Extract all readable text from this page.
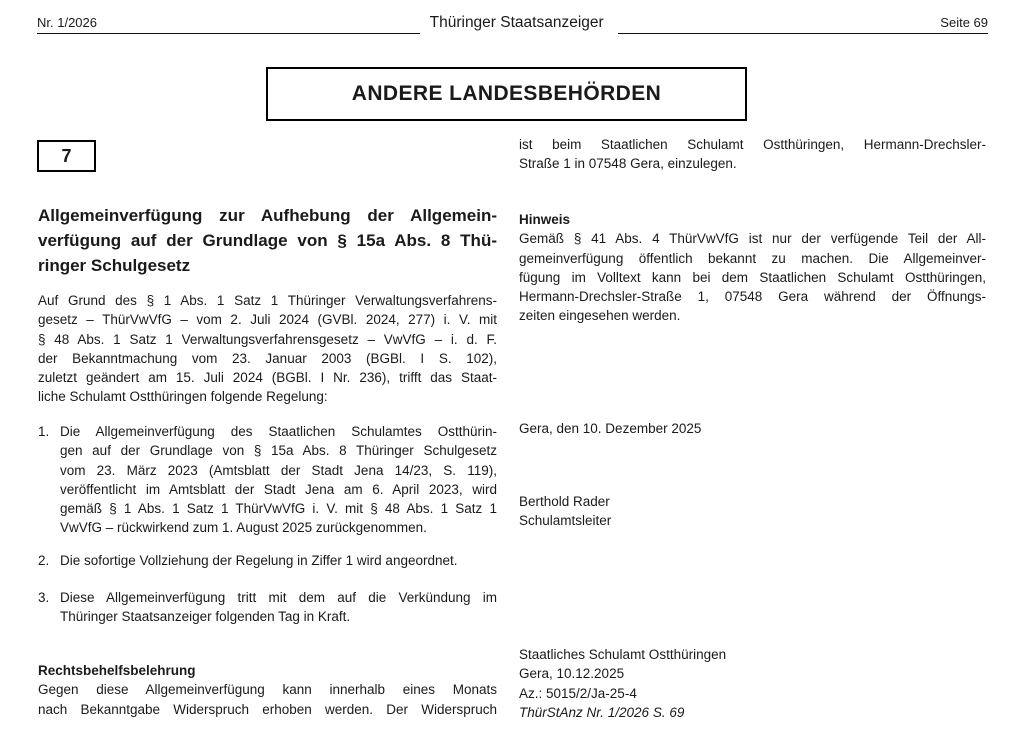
Nr. 1/2026	Thüringer Staatsanzeiger	Seite 69
ANDERE LANDESBEHÖRDEN
7
Allgemeinverfügung zur Aufhebung der Allgemein-
verfügung auf der Grundlage von § 15a Abs. 8 Thü-
ringer Schulgesetz
Auf Grund des § 1 Abs. 1 Satz 1 Thüringer Verwaltungsverfahrens-
gesetz – ThürVwVfG – vom 2. Juli 2024 (GVBl. 2024, 277) i. V. mit
§ 48 Abs. 1 Satz 1 Verwaltungsverfahrensgesetz – VwVfG – i. d. F.
der Bekanntmachung vom 23. Januar 2003 (BGBl. I S. 102),
zuletzt geändert am 15. Juli 2024 (BGBl. I Nr. 236), trifft das Staat-
liche Schulamt Ostthüringen folgende Regelung:
1. Die Allgemeinverfügung des Staatlichen Schulamtes Ostthürin-
gen auf der Grundlage von § 15a Abs. 8 Thüringer Schulgesetz
vom 23. März 2023 (Amtsblatt der Stadt Jena 14/23, S. 119),
veröffentlicht im Amtsblatt der Stadt Jena am 6. April 2023, wird
gemäß § 1 Abs. 1 Satz 1 ThürVwVfG i. V. mit § 48 Abs. 1 Satz 1
VwVfG – rückwirkend zum 1. August 2025 zurückgenommen.
2. Die sofortige Vollziehung der Regelung in Ziffer 1 wird angeordnet.
3. Diese Allgemeinverfügung tritt mit dem auf die Verkündung im
Thüringer Staatsanzeiger folgenden Tag in Kraft.
Rechtsbehelfsbelehrung
Gegen diese Allgemeinverfügung kann innerhalb eines Monats
nach Bekanntgabe Widerspruch erhoben werden. Der Widerspruch
ist beim Staatlichen Schulamt Ostthüringen, Hermann-Drechsler-
Straße 1 in 07548 Gera, einzulegen.
Hinweis
Gemäß § 41 Abs. 4 ThürVwVfG ist nur der verfügende Teil der All-
gemeinverfügung öffentlich bekannt zu machen. Die Allgemeinver-
fügung im Volltext kann bei dem Staatlichen Schulamt Ostthüringen,
Hermann-Drechsler-Straße 1, 07548 Gera während der Öffnungs-
zeiten eingesehen werden.
Gera, den 10. Dezember 2025
Berthold Rader
Schulamtsleiter
Staatliches Schulamt Ostthüringen
Gera, 10.12.2025
Az.: 5015/2/Ja-25-4
ThürStAnz Nr. 1/2026 S. 69
